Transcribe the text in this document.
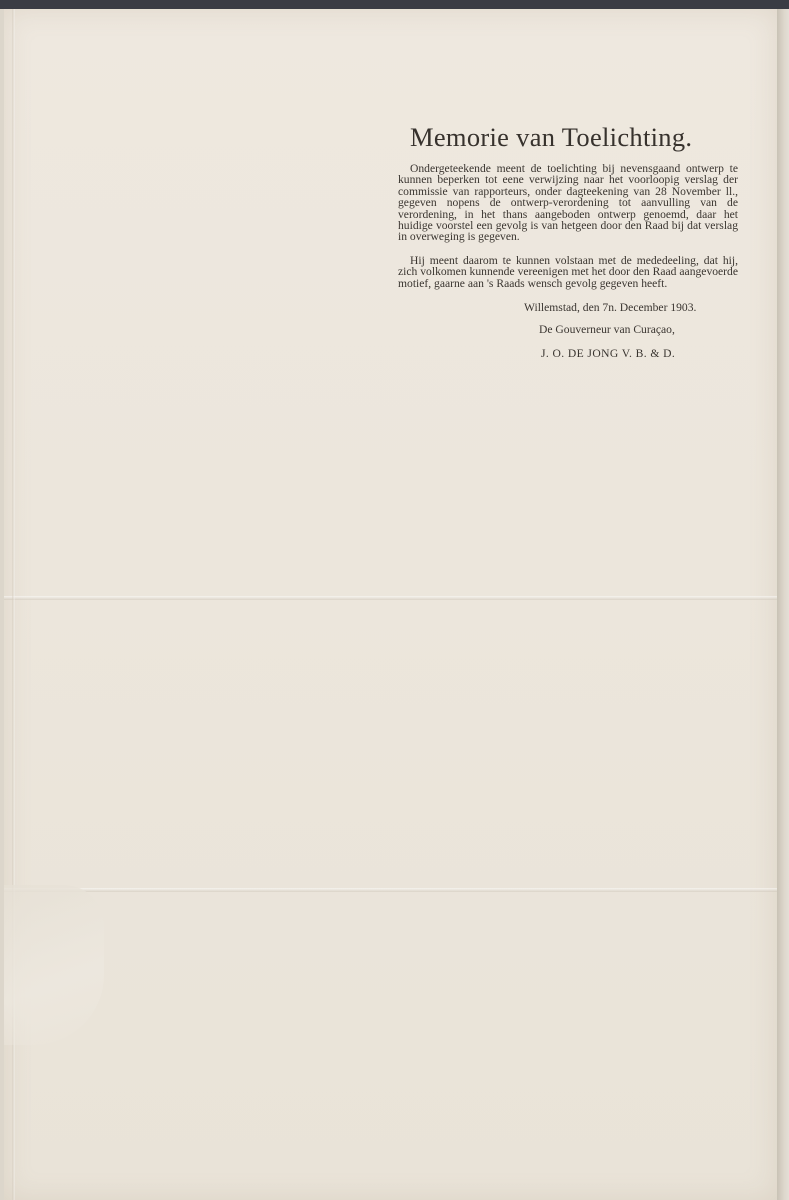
Memorie van Toelichting.

Ondergeteekende meent de toelichting bij nevensgaand ontwerp te kunnen beperken tot eene verwijzing naar het voorloopig verslag der commissie van rapporteurs, onder dagteekening van 28 November ll., gegeven nopens de ontwerp-verordening tot aanvulling van de verordening, in het thans aangeboden ontwerp genoemd, daar het huidige voorstel een gevolg is van hetgeen door den Raad bij dat verslag in overweging is gegeven.

Hij meent daarom te kunnen volstaan met de mededeeling, dat hij, zich volkomen kunnende vereenigen met het door den Raad aangevoerde motief, gaarne aan 's Raads wensch gevolg gegeven heeft.

Willemstad, den 7n. December 1903.
De Gouverneur van Curaçao,
J. O. DE JONG V. B. & D.
